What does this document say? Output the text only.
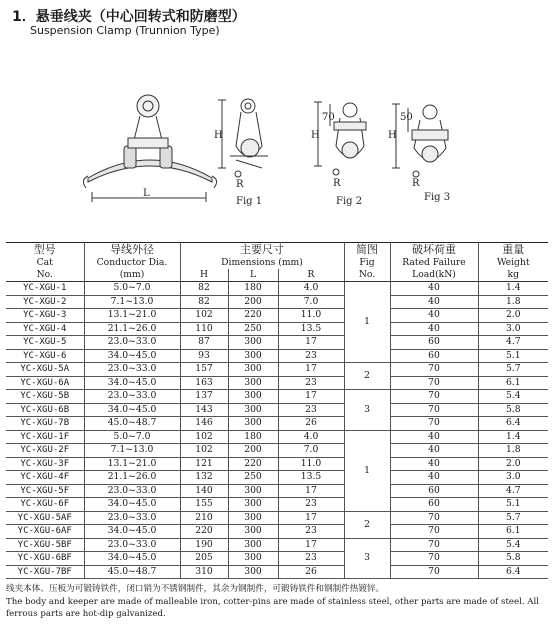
1．悬垂线夹（中心回转式和防磨型）
Suspension Clamp (Trunnion Type)
L
Fig 1
H
R
H
70
R
Fig 2
H
50
R
Fig 3
型号	导线外径	主要尺寸			简图	破坏荷重	重量
Cat	Conductor Dia.	Dimensions (mm)			Fig	Rated Failure	Weight
No.	(mm)	H	L	R	No.	Load(kN)	kg
YC-XGU-1	5.0~7.0	82	180	4.0	1	40	1.4
YC-XGU-2	7.1~13.0	82	200	7.0		40	1.8
YC-XGU-3	13.1~21.0	102	220	11.0		40	2.0
YC-XGU-4	21.1~26.0	110	250	13.5		40	3.0
YC-XGU-5	23.0~33.0	87	300	17		60	4.7
YC-XGU-6	34.0~45.0	93	300	23		60	5.1
YC-XGU-5A	23.0~33.0	157	300	17	2	70	5.7
YC-XGU-6A	34.0~45.0	163	300	23		70	6.1
YC-XGU-5B	23.0~33.0	137	300	17	3	70	5.4
YC-XGU-6B	34.0~45.0	143	300	23		70	5.8
YC-XGU-7B	45.0~48.7	146	300	26		70	6.4
YC-XGU-1F	5.0~7.0	102	180	4.0	1	40	1.4
YC-XGU-2F	7.1~13.0	102	200	7.0		40	1.8
YC-XGU-3F	13.1~21.0	121	220	11.0		40	2.0
YC-XGU-4F	21.1~26.0	132	250	13.5		40	3.0
YC-XGU-5F	23.0~33.0	140	300	17		60	4.7
YC-XGU-6F	34.0~45.0	155	300	23		60	5.1
YC-XGU-5AF	23.0~33.0	210	300	17	2	70	5.7
YC-XGU-6AF	34.0~45.0	220	300	23		70	6.1
YC-XGU-5BF	23.0~33.0	190	300	17	3	70	5.4
YC-XGU-6BF	34.0~45.0	205	300	23		70	5.8
YC-XGU-7BF	45.0~48.7	310	300	26		70	6.4
线夹本体、压板为可锻铸铁件，闭口销为不锈钢制件，其余为钢制件，可锻铸铁件和钢制件热镀锌。
The body and keeper are made of malleable iron, cotter-pins are made of stainless steel, other parts are made of steel. All ferrous parts are hot-dip galvanized.
